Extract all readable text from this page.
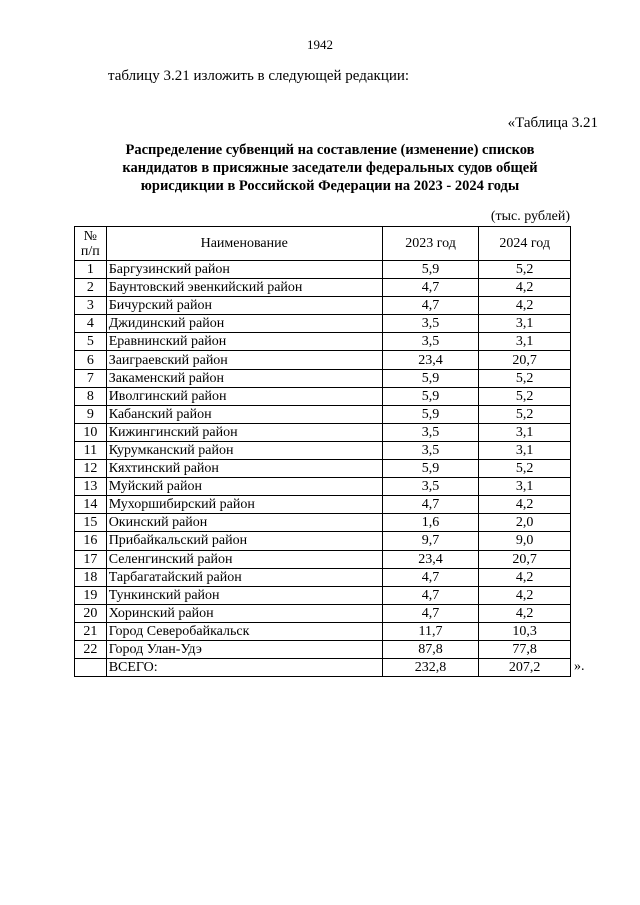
1942
таблицу 3.21 изложить в следующей редакции:
«Таблица 3.21
Распределение субвенций на составление (изменение) списков
кандидатов в присяжные заседатели федеральных судов общей
юрисдикции в Российской Федерации на 2023 - 2024 годы
(тыс. рублей)
№
п/п	Наименование	2023 год	2024 год
1	Баргузинский район	5,9	5,2
2	Баунтовский эвенкийский район	4,7	4,2
3	Бичурский район	4,7	4,2
4	Джидинский район	3,5	3,1
5	Еравнинский район	3,5	3,1
6	Заиграевский район	23,4	20,7
7	Закаменский район	5,9	5,2
8	Иволгинский район	5,9	5,2
9	Кабанский район	5,9	5,2
10	Кижингинский район	3,5	3,1
11	Курумканский район	3,5	3,1
12	Кяхтинский район	5,9	5,2
13	Муйский район	3,5	3,1
14	Мухоршибирский район	4,7	4,2
15	Окинский район	1,6	2,0
16	Прибайкальский район	9,7	9,0
17	Селенгинский район	23,4	20,7
18	Тарбагатайский район	4,7	4,2
19	Тункинский район	4,7	4,2
20	Хоринский район	4,7	4,2
21	Город Северобайкальск	11,7	10,3
22	Город Улан-Удэ	87,8	77,8
	ВСЕГО:	232,8	207,2 ».
